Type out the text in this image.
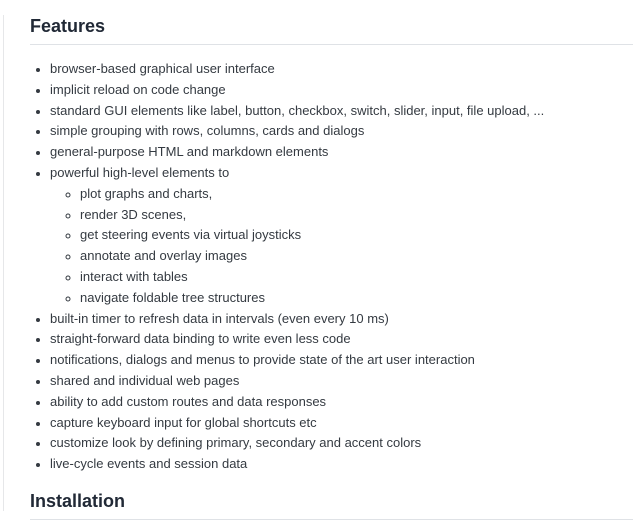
Features
• browser-based graphical user interface
• implicit reload on code change
• standard GUI elements like label, button, checkbox, switch, slider, input, file upload, ...
• simple grouping with rows, columns, cards and dialogs
• general-purpose HTML and markdown elements
• powerful high-level elements to
◦ plot graphs and charts,
◦ render 3D scenes,
◦ get steering events via virtual joysticks
◦ annotate and overlay images
◦ interact with tables
◦ navigate foldable tree structures
• built-in timer to refresh data in intervals (even every 10 ms)
• straight-forward data binding to write even less code
• notifications, dialogs and menus to provide state of the art user interaction
• shared and individual web pages
• ability to add custom routes and data responses
• capture keyboard input for global shortcuts etc
• customize look by defining primary, secondary and accent colors
• live-cycle events and session data
Installation
